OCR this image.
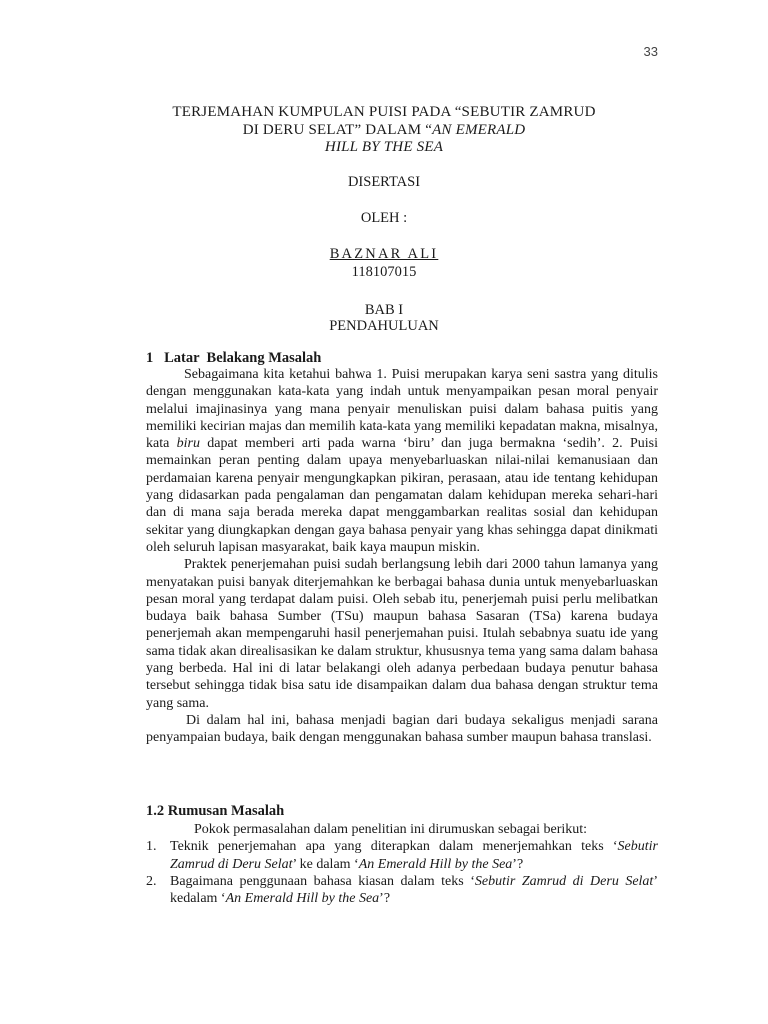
33
TERJEMAHAN KUMPULAN PUISI PADA “SEBUTIR ZAMRUD
DI DERU SELAT” DALAM “AN EMERALD
HILL BY THE SEA
DISERTASI
OLEH :
BAZNAR ALI
118107015
BAB I
PENDAHULUAN
1   Latar  Belakang Masalah

Sebagaimana kita ketahui bahwa 1. Puisi merupakan karya seni sastra yang ditulis dengan menggunakan kata-kata yang indah untuk menyampaikan pesan moral penyair melalui imajinasinya yang mana penyair menuliskan puisi dalam bahasa puitis yang memiliki kecirian majas dan memilih kata-kata yang memiliki kepadatan makna, misalnya, kata biru dapat memberi arti pada warna ‘biru’ dan juga bermakna ‘sedih’. 2. Puisi memainkan peran penting dalam upaya menyebarluaskan nilai-nilai kemanusiaan dan perdamaian karena penyair mengungkapkan pikiran, perasaan, atau ide tentang kehidupan yang didasarkan pada pengalaman dan pengamatan dalam kehidupan mereka sehari-hari dan di mana saja berada mereka dapat menggambarkan realitas sosial dan kehidupan sekitar yang diungkapkan dengan gaya bahasa penyair yang khas sehingga dapat dinikmati oleh seluruh lapisan masyarakat, baik kaya maupun miskin.

Praktek penerjemahan puisi sudah berlangsung lebih dari 2000 tahun lamanya yang menyatakan puisi banyak diterjemahkan ke berbagai bahasa dunia untuk menyebarluaskan pesan moral yang terdapat dalam puisi. Oleh sebab itu, penerjemah puisi perlu melibatkan budaya baik bahasa Sumber (TSu) maupun bahasa Sasaran (TSa) karena budaya penerjemah akan mempengaruhi hasil penerjemahan puisi. Itulah sebabnya suatu ide yang sama tidak akan direalisasikan ke dalam struktur, khususnya tema yang sama dalam bahasa yang berbeda. Hal ini di latar belakangi oleh adanya perbedaan budaya penutur bahasa tersebut sehingga tidak bisa satu ide disampaikan dalam dua bahasa dengan struktur tema yang sama.

Di dalam hal ini, bahasa menjadi bagian dari budaya sekaligus menjadi sarana penyampaian budaya, baik dengan menggunakan bahasa sumber maupun bahasa translasi.

1.2 Rumusan Masalah

Pokok permasalahan dalam penelitian ini dirumuskan sebagai berikut:

1. Teknik penerjemahan apa yang diterapkan dalam menerjemahkan teks ‘Sebutir Zamrud di Deru Selat’ ke dalam ‘An Emerald Hill by the Sea’?
2. Bagaimana penggunaan bahasa kiasan dalam teks ‘Sebutir Zamrud di Deru Selat’ kedalam ‘An Emerald Hill by the Sea’?
